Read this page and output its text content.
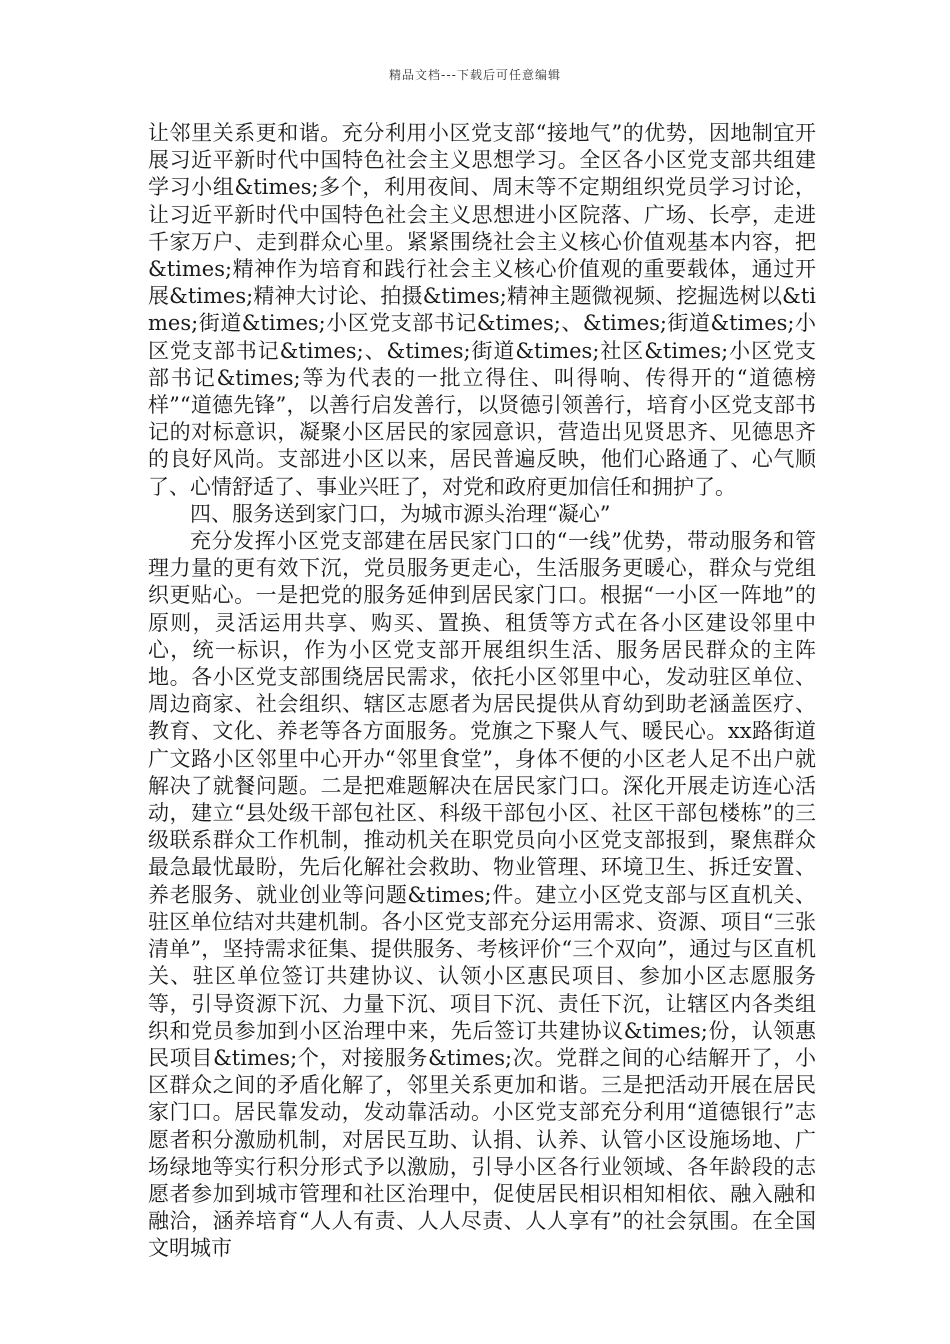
精品文档---下载后可任意编辑

让邻里关系更和谐。充分利用小区党支部“接地气”的优势，因地制宜开展习近平新时代中国特色社会主义思想学习。全区各小区党支部共组建学习小组&times;多个，利用夜间、周末等不定期组织党员学习讨论，让习近平新时代中国特色社会主义思想进小区院落、广场、长亭，走进千家万户、走到群众心里。紧紧围绕社会主义核心价值观基本内容，把&times;精神作为培育和践行社会主义核心价值观的重要载体，通过开展&times;精神大讨论、拍摄&times;精神主题微视频、挖掘选树以&times;街道&times;小区党支部书记&times;、&times;街道&times;小区党支部书记&times;、&times;街道&times;社区&times;小区党支部书记&times;等为代表的一批立得住、叫得响、传得开的“道德榜样”“道德先锋”，以善行启发善行，以贤德引领善行，培育小区党支部书记的对标意识，凝聚小区居民的家园意识，营造出见贤思齐、见德思齐的良好风尚。支部进小区以来，居民普遍反映，他们心路通了、心气顺了、心情舒适了、事业兴旺了，对党和政府更加信任和拥护了。

四、服务送到家门口，为城市源头治理“凝心”

充分发挥小区党支部建在居民家门口的“一线”优势，带动服务和管理力量的更有效下沉，党员服务更走心，生活服务更暖心，群众与党组织更贴心。一是把党的服务延伸到居民家门口。根据“一小区一阵地”的原则，灵活运用共享、购买、置换、租赁等方式在各小区建设邻里中心，统一标识，作为小区党支部开展组织生活、服务居民群众的主阵地。各小区党支部围绕居民需求，依托小区邻里中心，发动驻区单位、周边商家、社会组织、辖区志愿者为居民提供从育幼到助老涵盖医疗、教育、文化、养老等各方面服务。党旗之下聚人气、暖民心。xx路街道广文路小区邻里中心开办“邻里食堂”，身体不便的小区老人足不出户就解决了就餐问题。二是把难题解决在居民家门口。深化开展走访连心活动，建立“县处级干部包社区、科级干部包小区、社区干部包楼栋”的三级联系群众工作机制，推动机关在职党员向小区党支部报到，聚焦群众最急最忧最盼，先后化解社会救助、物业管理、环境卫生、拆迁安置、养老服务、就业创业等问题&times;件。建立小区党支部与区直机关、驻区单位结对共建机制。各小区党支部充分运用需求、资源、项目“三张清单”，坚持需求征集、提供服务、考核评价“三个双向”，通过与区直机关、驻区单位签订共建协议、认领小区惠民项目、参加小区志愿服务等，引导资源下沉、力量下沉、项目下沉、责任下沉，让辖区内各类组织和党员参加到小区治理中来，先后签订共建协议&times;份，认领惠民项目&times;个，对接服务&times;次。党群之间的心结解开了，小区群众之间的矛盾化解了，邻里关系更加和谐。三是把活动开展在居民家门口。居民靠发动，发动靠活动。小区党支部充分利用“道德银行”志愿者积分激励机制，对居民互助、认捐、认养、认管小区设施场地、广场绿地等实行积分形式予以激励，引导小区各行业领域、各年龄段的志愿者参加到城市管理和社区治理中，促使居民相识相知相依、融入融和融洽，涵养培育“人人有责、人人尽责、人人享有”的社会氛围。在全国文明城市
